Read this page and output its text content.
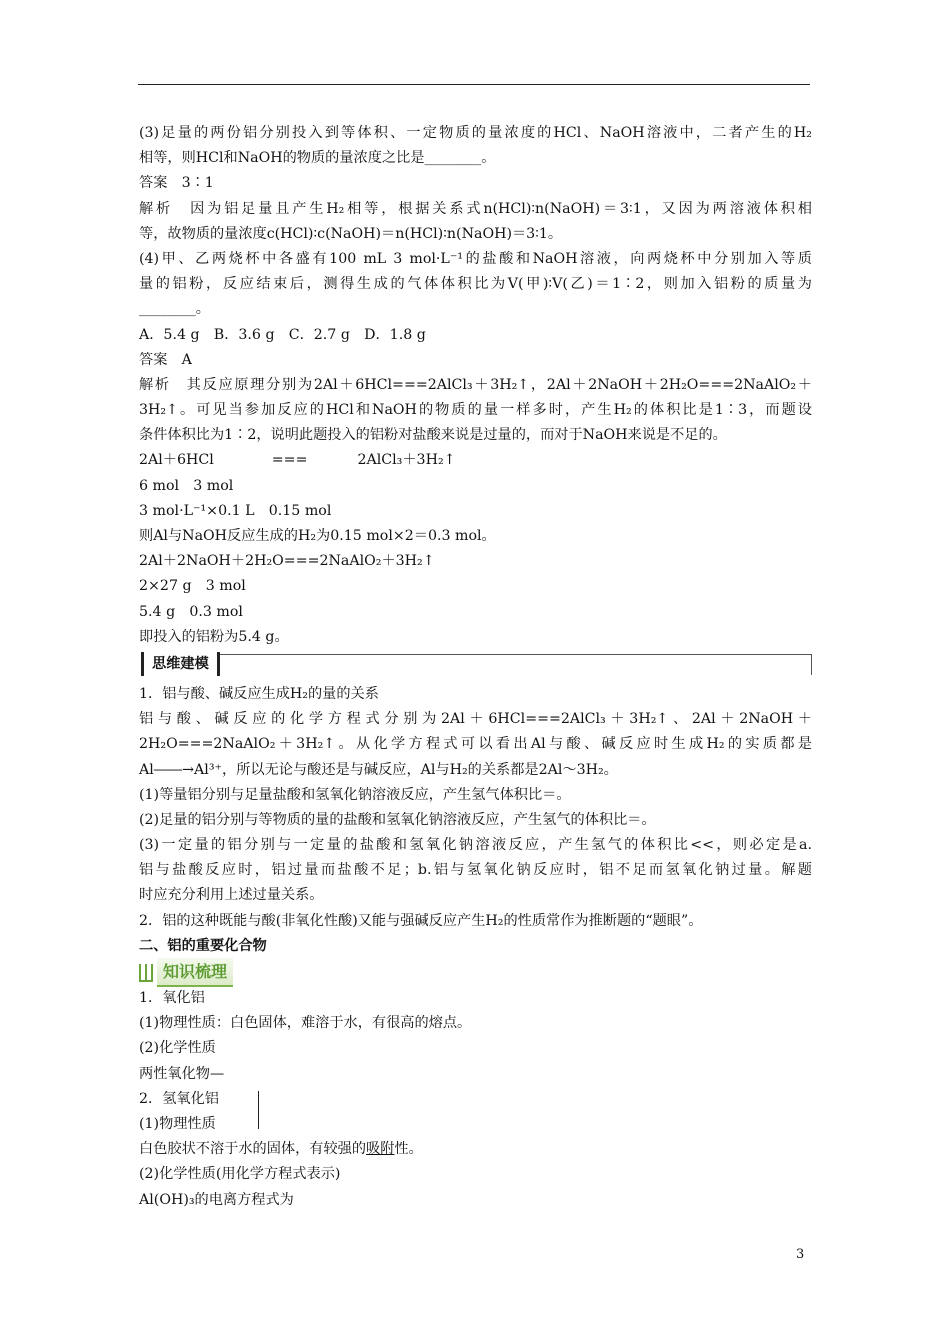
(3)足量的两份铝分别投入到等体积、一定物质的量浓度的HCl、NaOH溶液中，二者产生的H₂
相等，则HCl和NaOH的物质的量浓度之比是________。
答案　3∶1
解析　因为铝足量且产生H₂相等，根据关系式n(HCl)∶n(NaOH)＝3∶1，又因为两溶液体积相
等，故物质的量浓度c(HCl)∶c(NaOH)＝n(HCl)∶n(NaOH)＝3∶1。
(4)甲、乙两烧杯中各盛有100 mL 3 mol·L⁻¹的盐酸和NaOH溶液，向两烧杯中分别加入等质
量的铝粉，反应结束后，测得生成的气体体积比为V(甲)∶V(乙)＝1∶2，则加入铝粉的质量为
________。
A．5.4 g　B．3.6 g　C．2.7 g　D．1.8 g
答案　A
解析　其反应原理分别为2Al＋6HCl===2AlCl₃＋3H₂↑，2Al＋2NaOH＋2H₂O===2NaAlO₂＋
3H₂↑。可见当参加反应的HCl和NaOH的物质的量一样多时，产生H₂的体积比是1∶3，而题设
条件体积比为1∶2，说明此题投入的铝粉对盐酸来说是过量的，而对于NaOH来说是不足的。
2Al＋6HCl	===	2AlCl₃＋3H₂↑
6 mol　3 mol
3 mol·L⁻¹×0.1 L　0.15 mol
则Al与NaOH反应生成的H₂为0.15 mol×2＝0.3 mol。
2Al＋2NaOH＋2H₂O===2NaAlO₂＋3H₂↑
2×27 g　3 mol
5.4 g　0.3 mol
即投入的铝粉为5.4 g。
思维建模
1．铝与酸、碱反应生成H₂的量的关系
铝与酸、碱反应的化学方程式分别为2Al＋6HCl===2AlCl₃＋3H₂↑、2Al＋2NaOH＋
2H₂O===2NaAlO₂＋3H₂↑。从化学方程式可以看出Al与酸、碱反应时生成H₂的实质都是
Al――→Al³⁺，所以无论与酸还是与碱反应，Al与H₂的关系都是2Al～3H₂。
(1)等量铝分别与足量盐酸和氢氧化钠溶液反应，产生氢气体积比＝。
(2)足量的铝分别与等物质的量的盐酸和氢氧化钠溶液反应，产生氢气的体积比＝。
(3)一定量的铝分别与一定量的盐酸和氢氧化钠溶液反应，产生氢气的体积比<<，则必定是a.
铝与盐酸反应时，铝过量而盐酸不足；b.铝与氢氧化钠反应时，铝不足而氢氧化钠过量。解题
时应充分利用上述过量关系。
2．铝的这种既能与酸(非氧化性酸)又能与强碱反应产生H₂的性质常作为推断题的“题眼”。
二、铝的重要化合物
知识梳理
1．氧化铝
(1)物理性质：白色固体，难溶于水，有很高的熔点。
(2)化学性质
两性氧化物—
2．氢氧化铝
(1)物理性质
白色胶状不溶于水的固体，有较强的吸附性。
(2)化学性质(用化学方程式表示)
Al(OH)₃的电离方程式为
3
